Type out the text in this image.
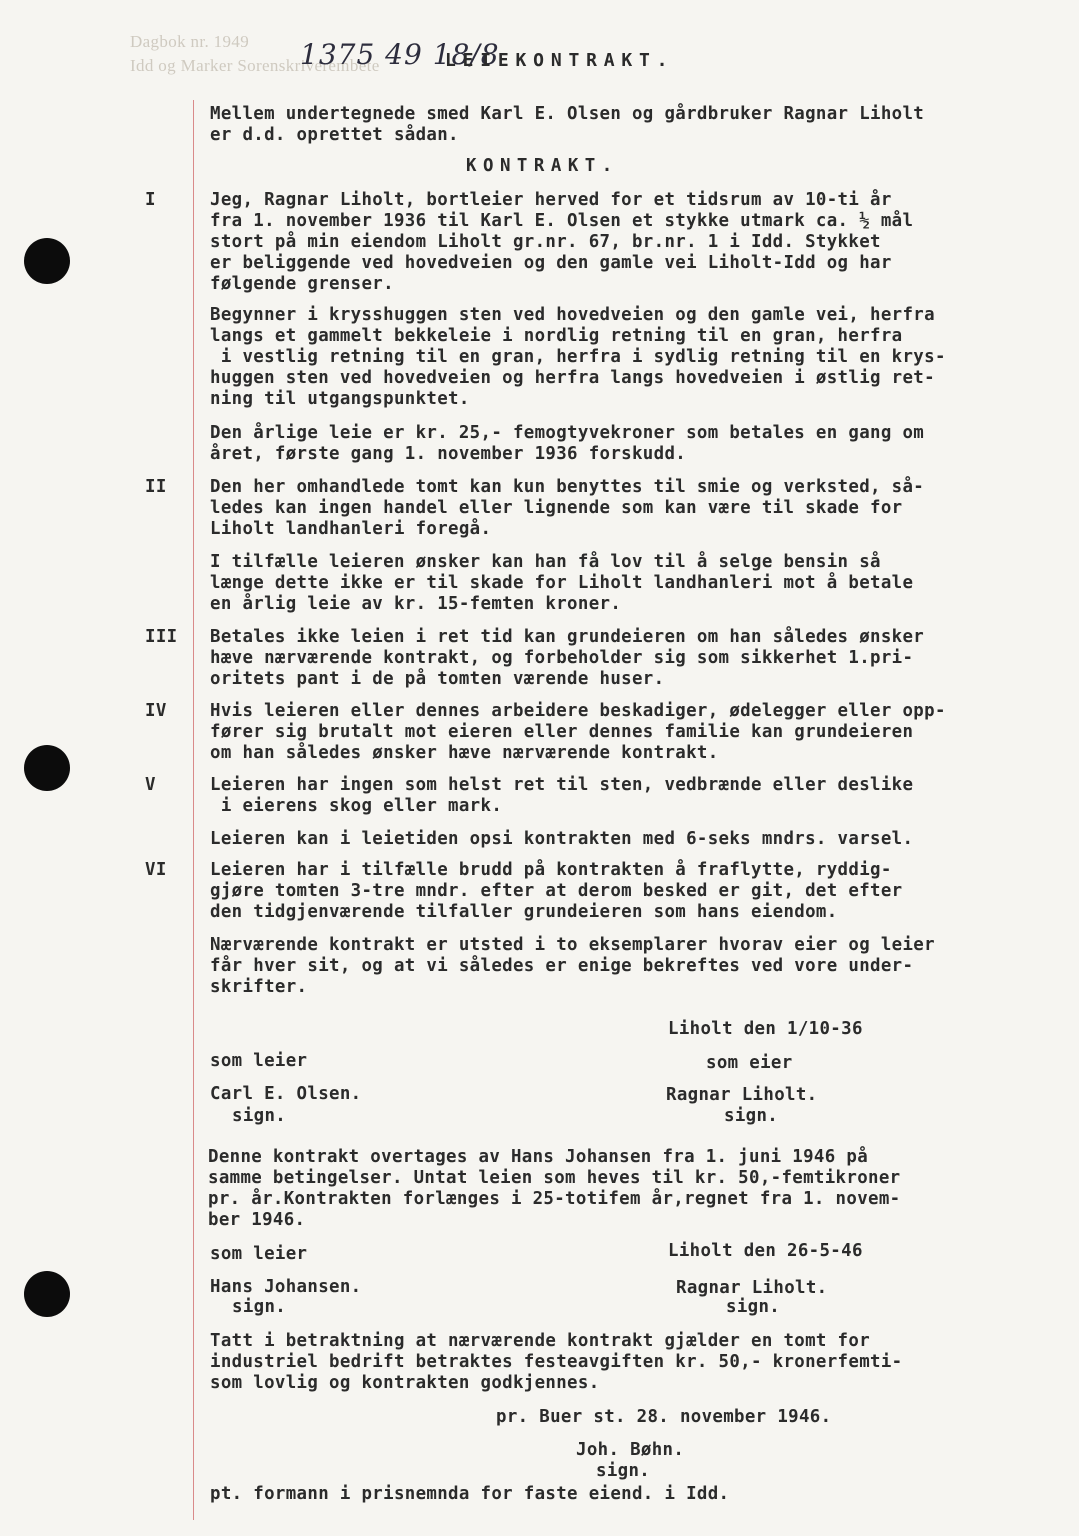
Dagbok nr. 1949
Idd og Marker Sorenskriverembete
1375 49 18/8
LEIEKONTRAKT.
Mellem undertegnede smed Karl E. Olsen og gårdbruker Ragnar Liholt
er d.d. oprettet sådan.
KONTRAKT.
I	Jeg, Ragnar Liholt, bortleier herved for et tidsrum av 10-ti år
fra 1. november 1936 til Karl E. Olsen et stykke utmark ca. ½ mål
stort på min eiendom Liholt gr.nr. 67, br.nr. 1 i Idd. Stykket
er beliggende ved hovedveien og den gamle vei Liholt-Idd og har
følgende grenser.
Begynner i krysshuggen sten ved hovedveien og den gamle vei, herfra
langs et gammelt bekkeleie i nordlig retning til en gran, herfra
i vestlig retning til en gran, herfra i sydlig retning til en krys-
huggen sten ved hovedveien og herfra langs hovedveien i østlig ret-
ning til utgangspunktet.
Den årlige leie er kr. 25,- femogtyvekroner som betales en gang om
året, første gang 1. november 1936 forskudd.
II Den her omhandlede tomt kan kun benyttes til smie og verksted, så-
ledes kan ingen handel eller lignende som kan være til skade for
Liholt landhanleri foregå.
I tilfælle leieren ønsker kan han få lov til å selge bensin så
længe dette ikke er til skade for Liholt landhanleri mot å betale
en årlig leie av kr. 15-femten kroner.
III Betales ikke leien i ret tid kan grundeieren om han således ønsker
hæve nærværende kontrakt, og forbeholder sig som sikkerhet 1.pri-
oritets pant i de på tomten værende huser.
IV Hvis leieren eller dennes arbeidere beskadiger, ødelegger eller opp-
fører sig brutalt mot eieren eller dennes familie kan grundeieren
om han således ønsker hæve nærværende kontrakt.
V	Leieren har ingen som helst ret til sten, vedbrænde eller deslike
i eierens skog eller mark.
Leieren kan i leietiden opsi kontrakten med 6-seks mndrs. varsel.
VI Leieren har i tilfælle brudd på kontrakten å fraflytte, ryddig-
gjøre tomten 3-tre mndr. efter at derom besked er git, det efter
den tidgjenværende tilfaller grundeieren som hans eiendom.
Nærværende kontrakt er utsted i to eksemplarer hvorav eier og leier
får hver sit, og at vi således er enige bekreftes ved vore under-
skrifter.
Liholt den 1/10-36
som leier	som eier
Carl E. Olsen.	Ragnar Liholt.
sign.	sign.
Denne kontrakt overtages av Hans Johansen fra 1. juni 1946 på
samme betingelser. Untat leien som heves til kr. 50,-femtikroner
pr. år.Kontrakten forlænges i 25-totifem år,regnet fra 1. novem-
ber 1946.
som leier	Liholt den 26-5-46
Hans Johansen.	Ragnar Liholt.
sign.	sign.
Tatt i betraktning at nærværende kontrakt gjælder en tomt for
industriel bedrift betraktes festeavgiften kr. 50,- kronerfemti-
som lovlig og kontrakten godkjennes.
pr. Buer st. 28. november 1946.
Joh. Bøhn.
sign.
pt. formann i prisnemnda for faste eiend. i Idd.
